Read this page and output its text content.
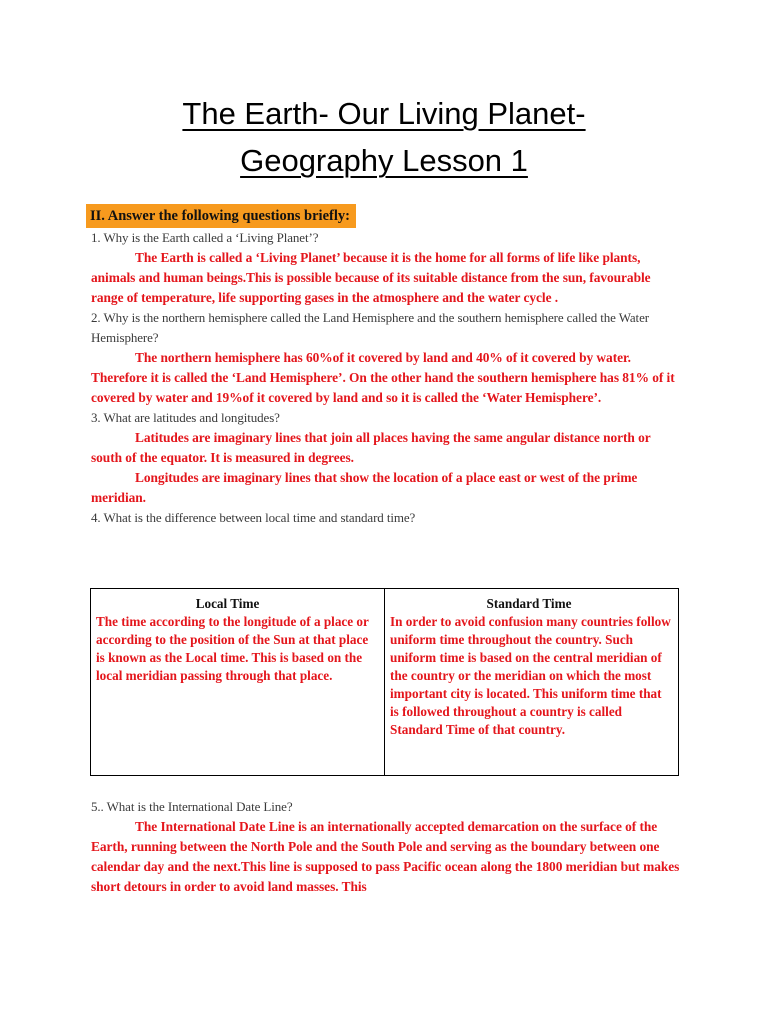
The Earth- Our Living Planet-
Geography Lesson 1
II. Answer the following questions briefly:
1. Why is the Earth called a ‘Living Planet’?
The Earth is called a ‘Living Planet’ because it is the home for all forms of life like plants, animals and human beings.This is possible because of its suitable distance from the sun, favourable range of temperature, life supporting gases in the atmosphere and the water cycle .
2. Why is the northern hemisphere called the Land Hemisphere and the southern hemisphere called the Water Hemisphere?
The northern hemisphere has 60%of it covered by land and 40% of it covered by water. Therefore it is called the ‘Land Hemisphere’. On the other hand the southern hemisphere has 81% of it covered by water and 19%of it covered by land and so it is called the ‘Water Hemisphere’.
3. What are latitudes and longitudes?
Latitudes are imaginary lines that join all places having the same angular distance north or south of the equator. It is measured in degrees.
Longitudes are imaginary lines that show the location of a place east or west of the prime meridian.
4. What is the difference between local time and standard time?
Local Time
The time according to the longitude of a place or according to the position of the Sun at that place is known as the Local time. This is based on the local meridian passing through that place.
Standard Time
In order to avoid confusion many countries follow uniform time throughout the country. Such uniform time is based on the central meridian of the country or the meridian on which the most important city is located. This uniform time that is followed throughout a country is called Standard Time of that country.
5.. What is the International Date Line?
The International Date Line is an internationally accepted demarcation on the surface of the Earth, running between the North Pole and the South Pole and serving as the boundary between one calendar day and the next.This line is supposed to pass Pacific ocean along the 1800 meridian but makes short detours in order to avoid land masses. This
